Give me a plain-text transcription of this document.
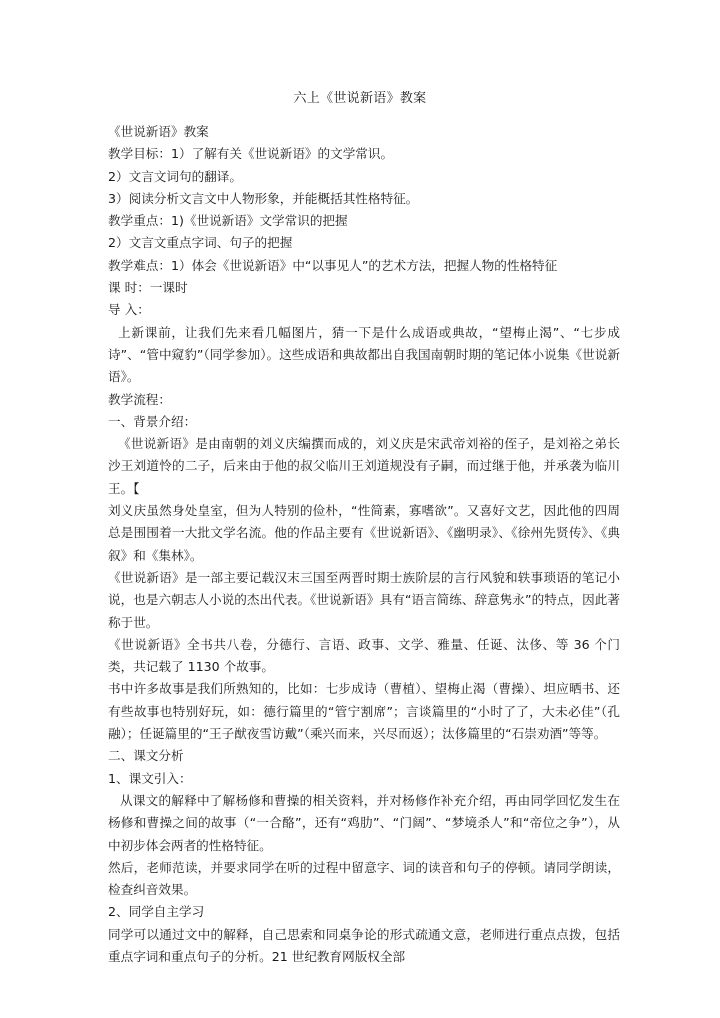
六上《世说新语》教案

《世说新语》教案

教学目标：1）了解有关《世说新语》的文学常识。

2）文言文词句的翻译。

3）阅读分析文言文中人物形象，并能概括其性格特征。

教学重点：1)《世说新语》文学常识的把握

2）文言文重点字词、句子的把握

教学难点：1）体会《世说新语》中“以事见人”的艺术方法，把握人物的性格特征

课 时：一课时

导 入：

上新课前，让我们先来看几幅图片，猜一下是什么成语或典故，“望梅止渴”、“七步成诗”、“管中窥豹”（同学参加）。这些成语和典故都出自我国南朝时期的笔记体小说集《世说新语》。

教学流程：

一、背景介绍：

《世说新语》是由南朝的刘义庆编撰而成的，刘义庆是宋武帝刘裕的侄子，是刘裕之弟长沙王刘道怜的二子，后来由于他的叔父临川王刘道规没有子嗣，而过继于他，并承袭为临川王。【

刘义庆虽然身处皇室，但为人特别的俭朴，“性简素，寡嗜欲”。又喜好文艺，因此他的四周总是围围着一大批文学名流。他的作品主要有《世说新语》、《幽明录》、《徐州先贤传》、《典叙》和《集林》。

《世说新语》是一部主要记载汉末三国至两晋时期士族阶层的言行风貌和轶事琐语的笔记小说，也是六朝志人小说的杰出代表。《世说新语》具有“语言简练、辞意隽永”的特点，因此著称于世。

《世说新语》全书共八卷，分德行、言语、政事、文学、雅量、任诞、汰侈、等 36 个门类，共记载了 1130 个故事。

书中许多故事是我们所熟知的，比如：七步成诗（曹植）、望梅止渴（曹操）、坦应晒书、还有些故事也特别好玩，如：德行篇里的“管宁割席”；言谈篇里的“小时了了，大未必佳”（孔融）；任诞篇里的“王子猷夜雪访戴”（乘兴而来，兴尽而返）；汰侈篇里的“石崇劝酒”等等。

二、课文分析

1、课文引入：

从课文的解释中了解杨修和曹操的相关资料，并对杨修作补充介绍，再由同学回忆发生在杨修和曹操之间的故事（“一合酪”，还有“鸡肋”、“门阔”、“梦境杀人”和“帝位之争”），从中初步体会两者的性格特征。

然后，老师范读，并要求同学在听的过程中留意字、词的读音和句子的停顿。请同学朗读，检查纠音效果。

2、同学自主学习

同学可以通过文中的解释，自己思索和同桌争论的形式疏通文意，老师进行重点点拨，包括重点字词和重点句子的分析。21 世纪教育网版权全部
